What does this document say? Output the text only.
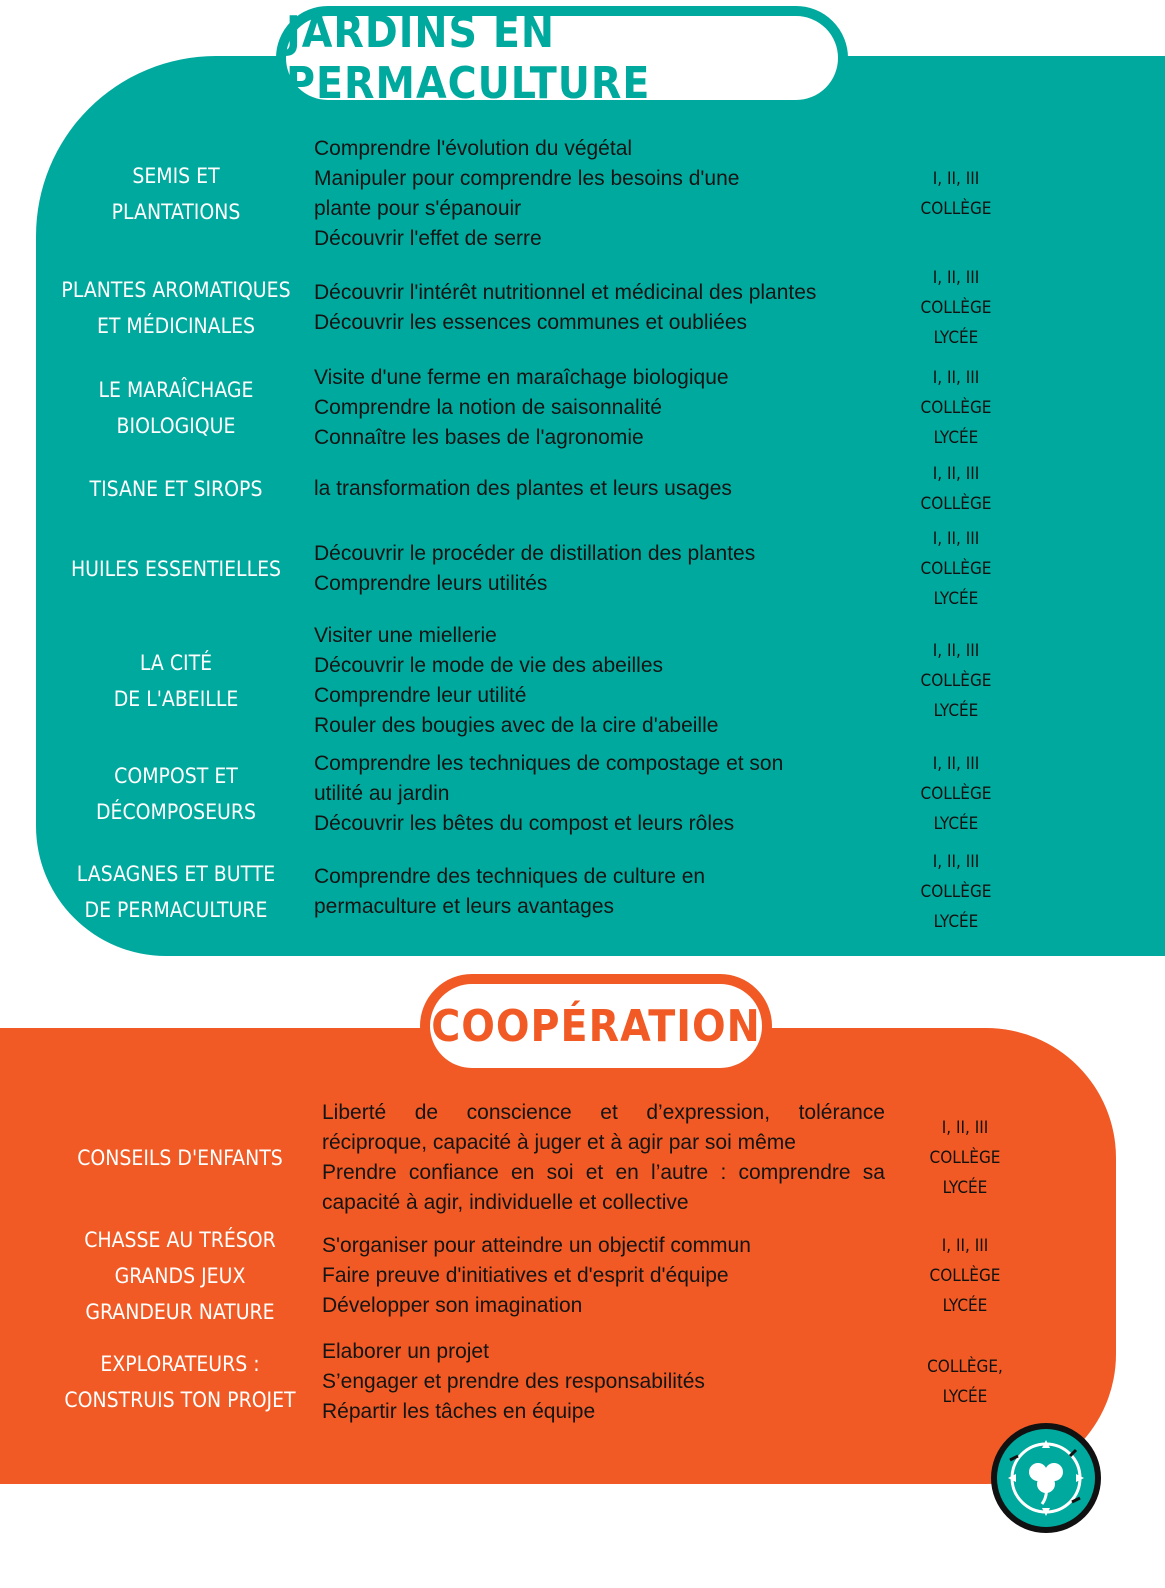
JARDINS EN PERMACULTURE
COOPÉRATION
SEMIS ET
PLANTATIONS
Comprendre l'évolution du végétal
Manipuler pour comprendre les besoins d'une
plante pour s'épanouir
Découvrir l'effet de serre
I, II, III
COLLÈGE
PLANTES AROMATIQUES
ET MÉDICINALES
Découvrir l'intérêt nutritionnel et médicinal des plantes
Découvrir les essences communes et oubliées
I, II, III
COLLÈGE
LYCÉE
LE MARAÎCHAGE
BIOLOGIQUE
Visite d'une ferme en maraîchage biologique
Comprendre la notion de saisonnalité
Connaître les bases de l'agronomie
I, II, III
COLLÈGE
LYCÉE
TISANE ET SIROPS	la transformation des plantes et leurs usages
I, II, III
COLLÈGE
HUILES ESSENTIELLES
Découvrir le procéder de distillation des plantes
Comprendre leurs utilités
I, II, III
COLLÈGE
LYCÉE
LA CITÉ
DE L'ABEILLE
Visiter une miellerie
Découvrir le mode de vie des abeilles
Comprendre leur utilité
Rouler des bougies avec de la cire d'abeille
I, II, III
COLLÈGE
LYCÉE
COMPOST ET
DÉCOMPOSEURS
Comprendre les techniques de compostage et son
utilité au jardin
Découvrir les bêtes du compost et leurs rôles
I, II, III
COLLÈGE
LYCÉE
LASAGNES ET BUTTE
DE PERMACULTURE
Comprendre des techniques de culture en
permaculture et leurs avantages
I, II, III
COLLÈGE
LYCÉE
CONSEILS D'ENFANTS
Liberté de conscience et d’expression, tolérance
réciproque, capacité à juger et à agir par soi même
Prendre confiance en soi et en l’autre : comprendre sa
capacité à agir, individuelle et collective
I, II, III
COLLÈGE
LYCÉE
CHASSE AU TRÉSOR
GRANDS JEUX
GRANDEUR NATURE
S'organiser pour atteindre un objectif commun
Faire preuve d'initiatives et d'esprit d'équipe
Développer son imagination
I, II, III
COLLÈGE
LYCÉE
EXPLORATEURS :
CONSTRUIS TON PROJET
Elaborer un projet
S’engager et prendre des responsabilités
Répartir les tâches en équipe
COLLÈGE,
LYCÉE
